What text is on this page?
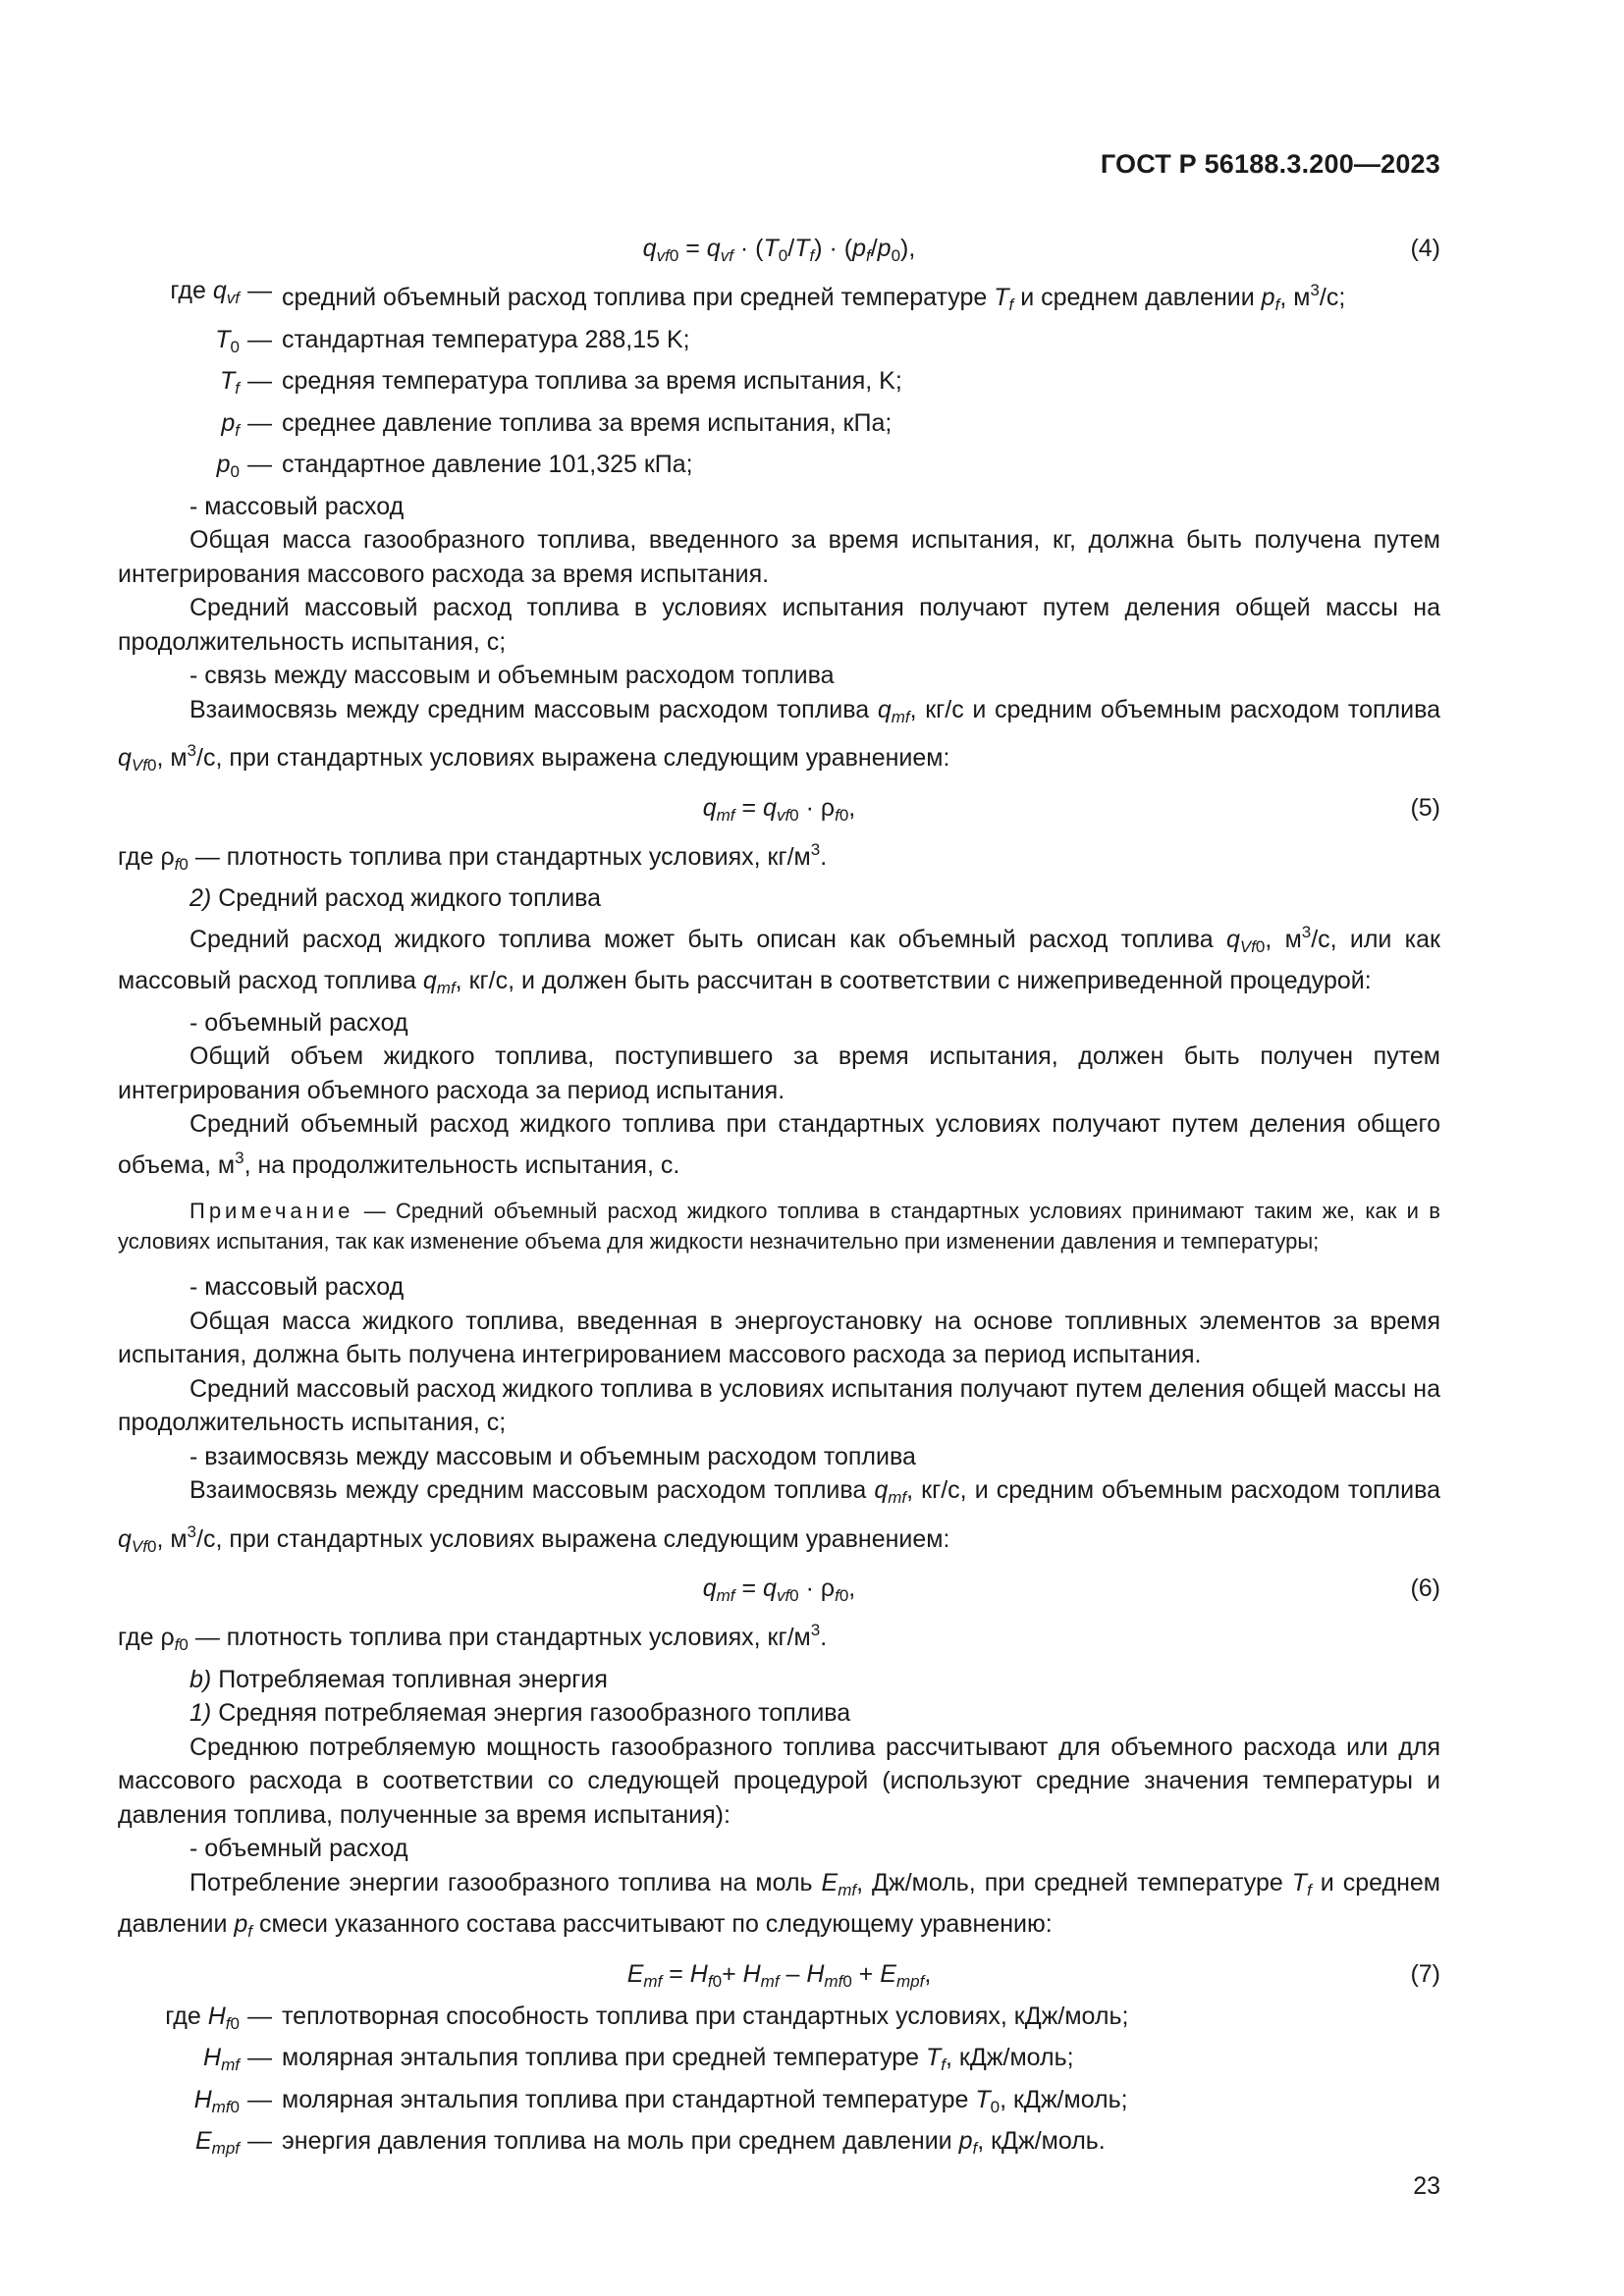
ГОСТ Р 56188.3.200—2023
$q_{vf0} = q_{vf} \cdot (T_0/T_f) \cdot (p_f/p_0)$,	(4)
где $q_{vf}$ — средний объемный расход топлива при средней температуре $T_f$ и среднем давлении $p_f$, $м^3/с$;
$T_0$ — стандартная температура 288,15 K;
$T_f$ — средняя температура топлива за время испытания, K;
$p_f$ — среднее давление топлива за время испытания, кПа;
$p_0$ — стандартное давление 101,325 кПа;

- массовый расход

Общая масса газообразного топлива, введенного за время испытания, кг, должна быть получена путем интегрирования массового расхода за время испытания.

Средний массовый расход топлива в условиях испытания получают путем деления общей массы на продолжительность испытания, с;

- связь между массовым и объемным расходом топлива

Взаимосвязь между средним массовым расходом топлива $q_{mf}$, кг/с и средним объемным расходом топлива $q_{Vf0}$, $м^3/с$, при стандартных условиях выражена следующим уравнением:

$q_{mf} = q_{vf0} \cdot \rho_{f0}$,	(5)

где $\rho_{f0}$ — плотность топлива при стандартных условиях, $кг/м^3$.

2) Средний расход жидкого топлива

Средний расход жидкого топлива может быть описан как объемный расход топлива $q_{Vf0}$, $м^3/с$, или как массовый расход топлива $q_{mf}$, кг/с, и должен быть рассчитан в соответствии с нижеприведенной процедурой:

- объемный расход

Общий объем жидкого топлива, поступившего за время испытания, должен быть получен путем интегрирования объемного расхода за период испытания.

Средний объемный расход жидкого топлива при стандартных условиях получают путем деления общего объема, $м^3$, на продолжительность испытания, с.

Примечание — Средний объемный расход жидкого топлива в стандартных условиях принимают таким же, как и в условиях испытания, так как изменение объема для жидкости незначительно при изменении давления и температуры;

- массовый расход

Общая масса жидкого топлива, введенная в энергоустановку на основе топливных элементов за время испытания, должна быть получена интегрированием массового расхода за период испытания.

Средний массовый расход жидкого топлива в условиях испытания получают путем деления общей массы на продолжительность испытания, с;

- взаимосвязь между массовым и объемным расходом топлива

Взаимосвязь между средним массовым расходом топлива $q_{mf}$, кг/с, и средним объемным расходом топлива $q_{Vf0}$, $м^3/с$, при стандартных условиях выражена следующим уравнением:

$q_{mf} = q_{vf0} \cdot \rho_{f0}$,	(6)

где $\rho_{f0}$ — плотность топлива при стандартных условиях, $кг/м^3$.

b) Потребляемая топливная энергия

1) Средняя потребляемая энергия газообразного топлива

Среднюю потребляемую мощность газообразного топлива рассчитывают для объемного расхода или для массового расхода в соответствии со следующей процедурой (используют средние значения температуры и давления топлива, полученные за время испытания):

- объемный расход

Потребление энергии газообразного топлива на моль $E_{mf}$, Дж/моль, при средней температуре $T_f$ и среднем давлении $p_f$ смеси указанного состава рассчитывают по следующему уравнению:

$E_{mf} = H_{f0}+ H_{mf} - H_{mf0} + E_{mpf}$,	(7)
где $H_{f0}$ — теплотворная способность топлива при стандартных условиях, кДж/моль;
$H_{mf}$ — молярная энтальпия топлива при средней температуре $T_f$, кДж/моль;
$H_{mf0}$ — молярная энтальпия топлива при стандартной температуре $T_0$, кДж/моль;
$E_{mpf}$ — энергия давления топлива на моль при среднем давлении $p_f$, кДж/моль.
23
